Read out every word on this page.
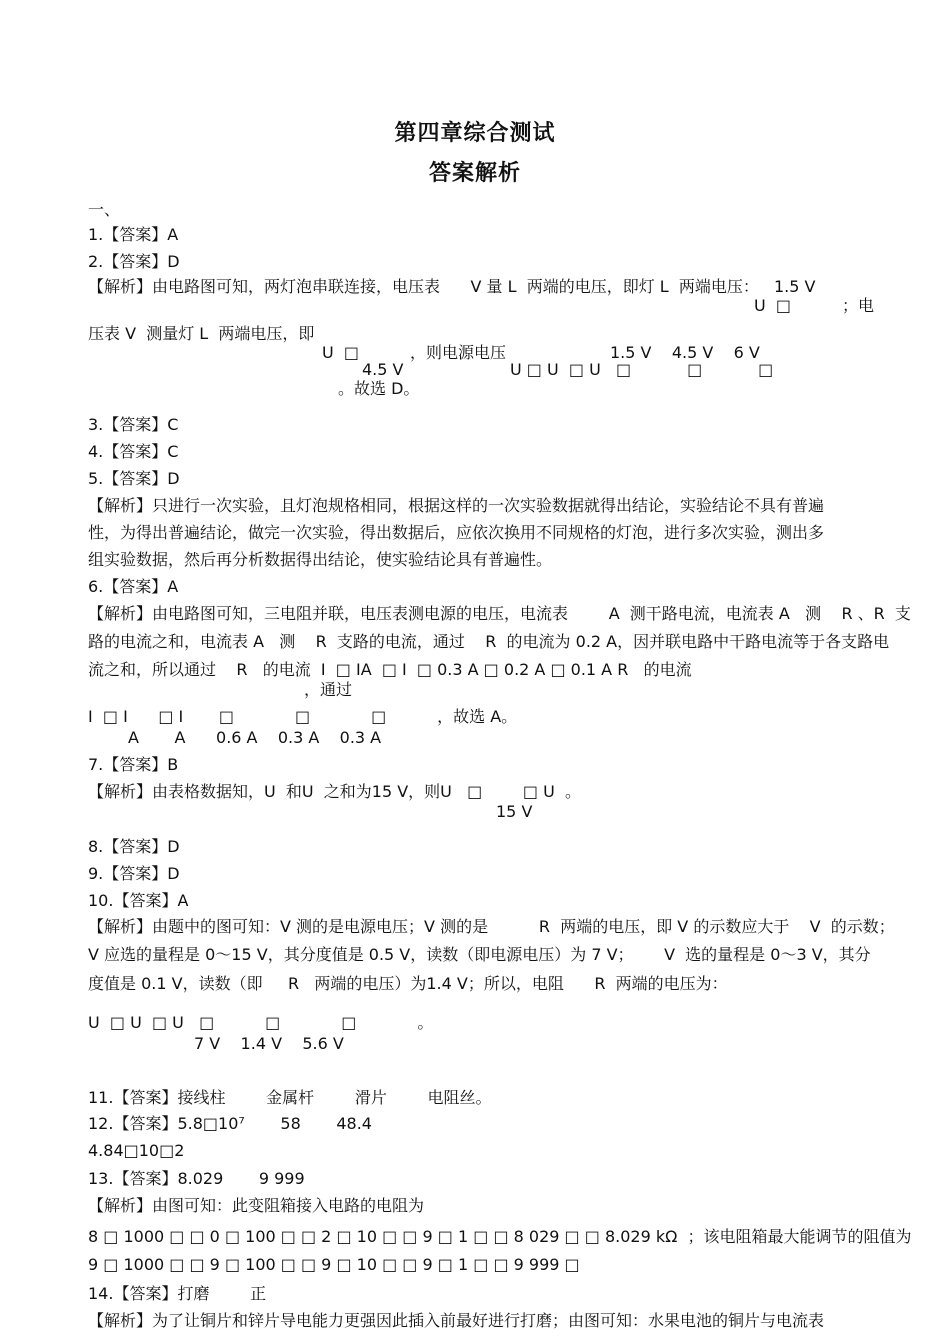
第四章综合测试
答案解析
一、
1.【答案】A
2.【答案】D
【解析】由电路图可知，两灯泡串联连接，电压表      V 量 L  两端的电压，即灯 L  两端电压： 1.5 V
U  □	；电
压表 V  测量灯 L  两端电压，即
U  □	，则电源电压	1.5 V    4.5 V    6 V
4.5 V	U □ U  □ U   □           □           □
。故选 D。
3.【答案】C
4.【答案】C
5.【答案】D
【解析】只进行一次实验，且灯泡规格相同，根据这样的一次实验数据就得出结论，实验结论不具有普遍
性，为得出普遍结论，做完一次实验，得出数据后，应依次换用不同规格的灯泡，进行多次实验，测出多
组实验数据，然后再分析数据得出结论，使实验结论具有普遍性。
6.【答案】A
【解析】由电路图可知，三电阻并联，电压表测电源的电压，电流表        A  测干路电流，电流表 A   测    R 、R  支
路的电流之和，电流表 A   测    R  支路的电流，通过    R  的电流为 0.2 A，因并联电路中干路电流等于各支路电
流之和，所以通过    R   的电流  I  □ IA  □ I  □ 0.3 A □ 0.2 A □ 0.1 A R   的电流
，通过
I  □ I      □ I       □            □            □          ，故选 A。
A       A      0.6 A    0.3 A    0.3 A
7.【答案】B
【解析】由表格数据知，U  和U  之和为15 V，则U   □        □ U  。
15 V
8.【答案】D
9.【答案】D
10.【答案】A
【解析】由题中的图可知：V 测的是电源电压；V 测的是          R  两端的电压，即 V 的示数应大于    V  的示数；
V 应选的量程是 0～15 V，其分度值是 0.5 V，读数（即电源电压）为 7 V；      V  选的量程是 0～3 V，其分
度值是 0.1 V，读数（即     R   两端的电压）为1.4 V；所以，电阻      R  两端的电压为：
U  □ U  □ U   □          □            □            。
7 V    1.4 V    5.6 V
11.【答案】接线柱        金属杆        滑片        电阻丝。
12.【答案】5.8□10⁷       58       48.4
4.84□10□2
13.【答案】8.029       9 999
【解析】由图可知：此变阻箱接入电路的电阻为
8 □ 1000 □ □ 0 □ 100 □ □ 2 □ 10 □ □ 9 □ 1 □ □ 8 029 □ □ 8.029 kΩ  ；该电阻箱最大能调节的阻值为
9 □ 1000 □ □ 9 □ 100 □ □ 9 □ 10 □ □ 9 □ 1 □ □ 9 999 □
14.【答案】打磨        正
【解析】为了让铜片和锌片导电能力更强因此插入前最好进行打磨；由图可知：水果电池的铜片与电流表
